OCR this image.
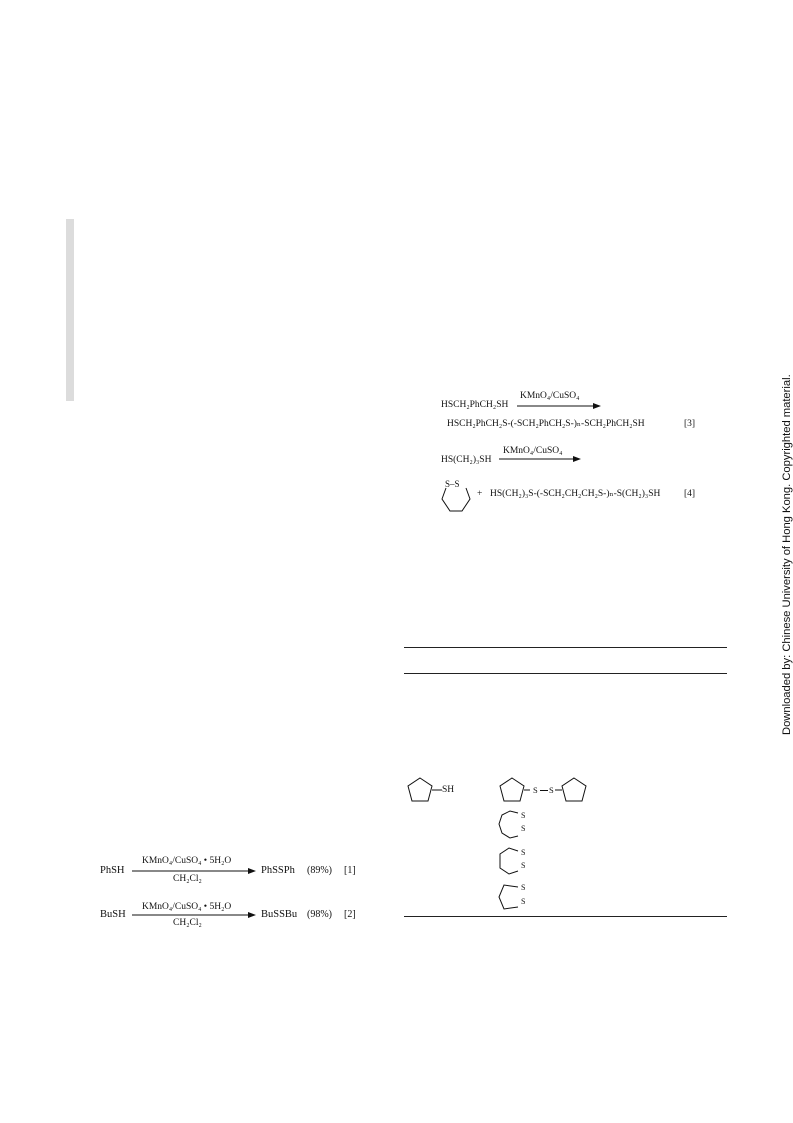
Downloaded by: Chinese University of Hong Kong. Copyrighted material.
HSCH₂PhCH₂SH
KMnO₄/CuSO₄
HSCH₂PhCH₂S-(-SCH₂PhCH₂S-)ₙ-SCH₂PhCH₂SH	[3]
HS(CH₂)₃SH
KMnO₄/CuSO₄
S–S
+ HS(CH₂)₃S-(-SCH₂CH₂CH₂S-)ₙ-S(CH₂)₃SH [4]
SH	S S
S
S
S
S
S
S
PhSH
KMnO₄/CuSO₄ • 5H₂O
CH₂Cl₂
PhSSPh (89%) [1]
BuSH
KMnO₄/CuSO₄ • 5H₂O
CH₂Cl₂
BuSSBu (98%) [2]
